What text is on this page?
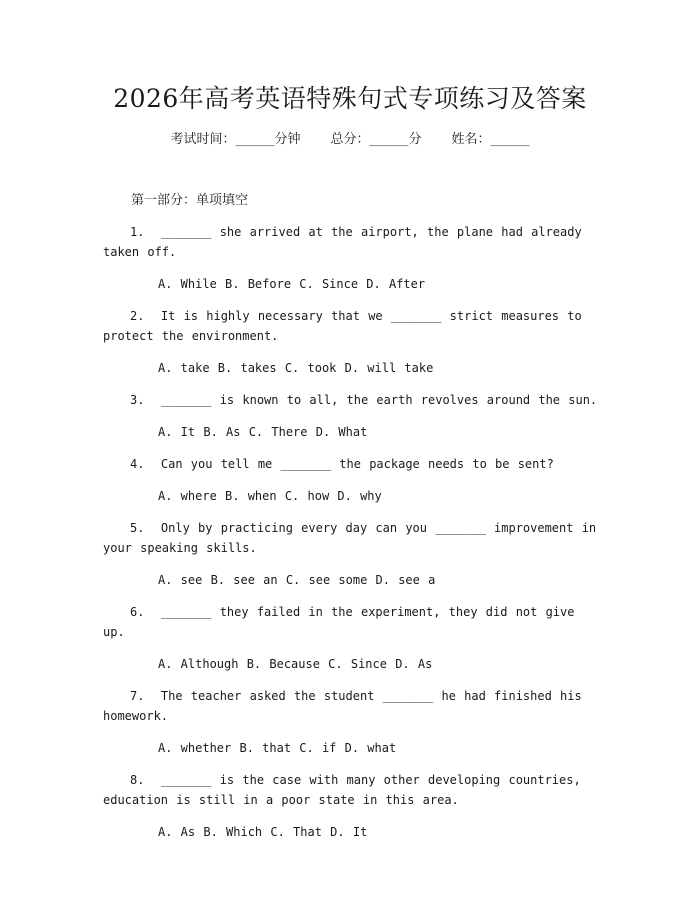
2026年高考英语特殊句式专项练习及答案
考试时间：______分钟 总分：______分 姓名：______
第一部分：单项填空
1. _______ she arrived at the airport, the plane had already taken off.
A. While B. Before C. Since D. After
2. It is highly necessary that we _______ strict measures to protect the environment.
A. take B. takes C. took D. will take
3. _______ is known to all, the earth revolves around the sun.
A. It B. As C. There D. What
4. Can you tell me _______ the package needs to be sent?
A. where B. when C. how D. why
5. Only by practicing every day can you _______ improvement in your speaking skills.
A. see B. see an C. see some D. see a
6. _______ they failed in the experiment, they did not give up.
A. Although B. Because C. Since D. As
7. The teacher asked the student _______ he had finished his homework.
A. whether B. that C. if D. what
8. _______ is the case with many other developing countries, education is still in a poor state in this area.
A. As B. Which C. That D. It
